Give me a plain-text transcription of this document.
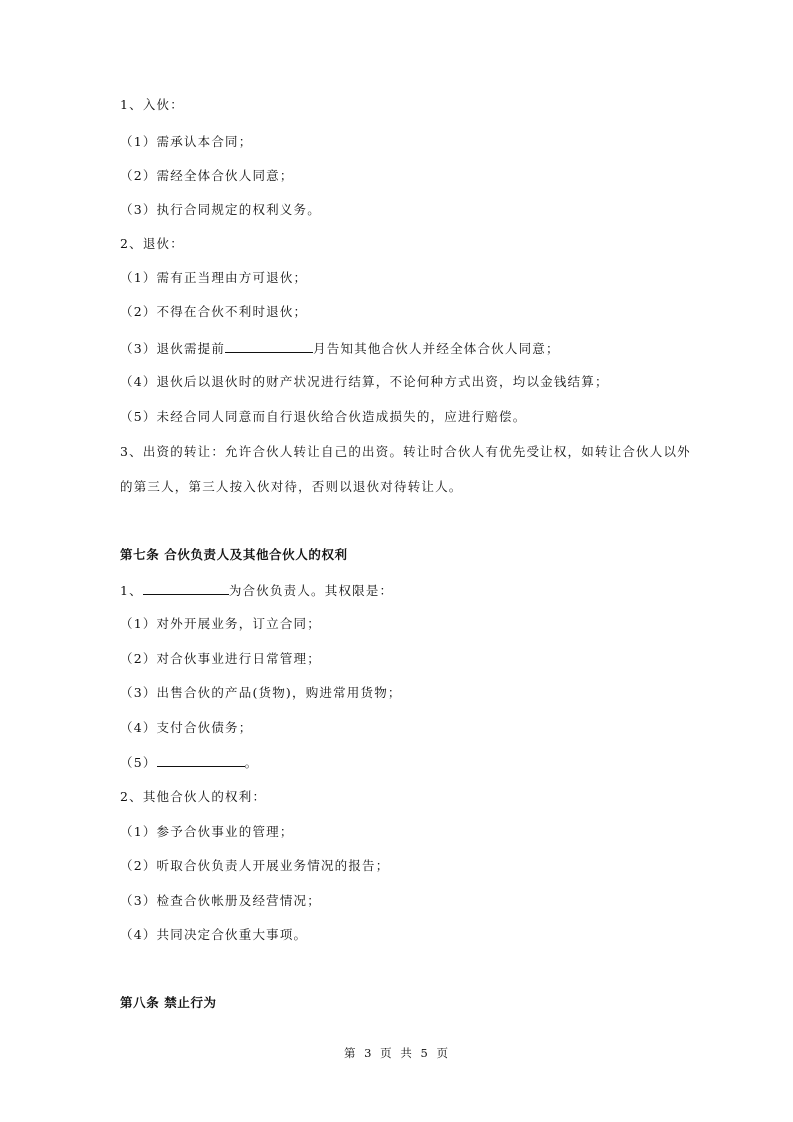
1、入伙：
（1）需承认本合同；
（2）需经全体合伙人同意；
（3）执行合同规定的权利义务。
2、退伙：
（1）需有正当理由方可退伙；
（2）不得在合伙不利时退伙；
（3）退伙需提前	月告知其他合伙人并经全体合伙人同意；
（4）退伙后以退伙时的财产状况进行结算，不论何种方式出资，均以金钱结算；
（5）未经合同人同意而自行退伙给合伙造成损失的，应进行赔偿。
3、出资的转让：允许合伙人转让自己的出资。转让时合伙人有优先受让权，如转让合伙人以外
的第三人，第三人按入伙对待，否则以退伙对待转让人。
第七条 合伙负责人及其他合伙人的权利
1、	为合伙负责人。其权限是：
（1）对外开展业务，订立合同；
（2）对合伙事业进行日常管理；
（3）出售合伙的产品(货物)，购进常用货物；
（4）支付合伙债务；
（5）	。
2、其他合伙人的权利：
（1）参予合伙事业的管理；
（2）听取合伙负责人开展业务情况的报告；
（3）检查合伙帐册及经营情况；
（4）共同决定合伙重大事项。
第八条 禁止行为
第 3 页 共 5 页
